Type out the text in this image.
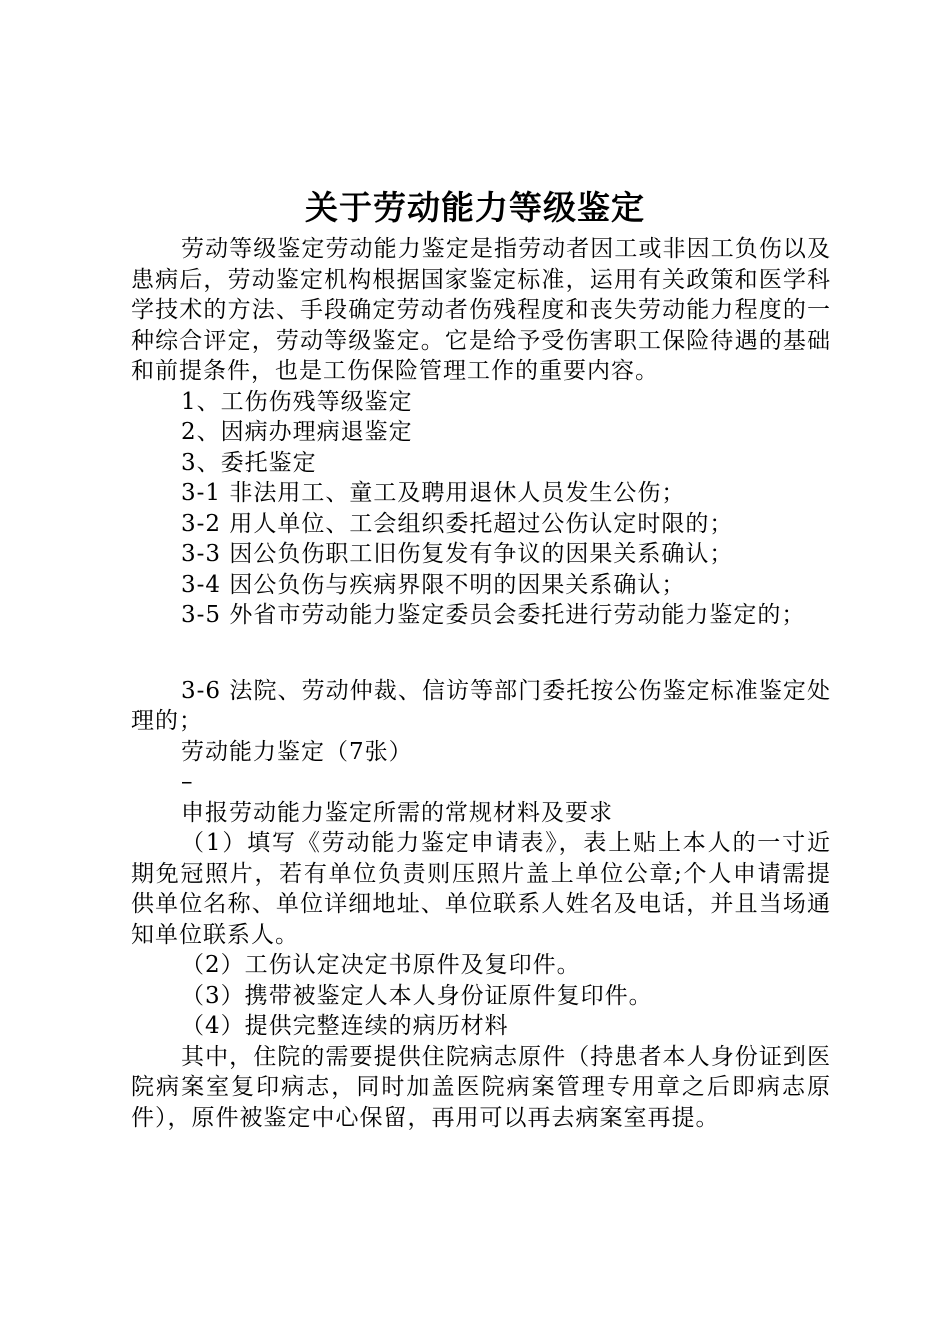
关于劳动能力等级鉴定

劳动等级鉴定劳动能力鉴定是指劳动者因工或非因工负伤以及患病后，劳动鉴定机构根据国家鉴定标准，运用有关政策和医学科学技术的方法、手段确定劳动者伤残程度和丧失劳动能力程度的一种综合评定，劳动等级鉴定。它是给予受伤害职工保险待遇的基础和前提条件，也是工伤保险管理工作的重要内容。

1、工伤伤残等级鉴定

2、因病办理病退鉴定

3、委托鉴定

3-1 非法用工、童工及聘用退休人员发生公伤；

3-2 用人单位、工会组织委托超过公伤认定时限的；

3-3 因公负伤职工旧伤复发有争议的因果关系确认；

3-4 因公负伤与疾病界限不明的因果关系确认；

3-5 外省市劳动能力鉴定委员会委托进行劳动能力鉴定的；

3-6 法院、劳动仲裁、信访等部门委托按公伤鉴定标准鉴定处理的；

劳动能力鉴定（7张）

–

申报劳动能力鉴定所需的常规材料及要求

（1）填写《劳动能力鉴定申请表》，表上贴上本人的一寸近期免冠照片，若有单位负责则压照片盖上单位公章;个人申请需提供单位名称、单位详细地址、单位联系人姓名及电话，并且当场通知单位联系人。

（2）工伤认定决定书原件及复印件。

（3）携带被鉴定人本人身份证原件复印件。

（4）提供完整连续的病历材料

其中，住院的需要提供住院病志原件（持患者本人身份证到医院病案室复印病志，同时加盖医院病案管理专用章之后即病志原件），原件被鉴定中心保留，再用可以再去病案室再提。
